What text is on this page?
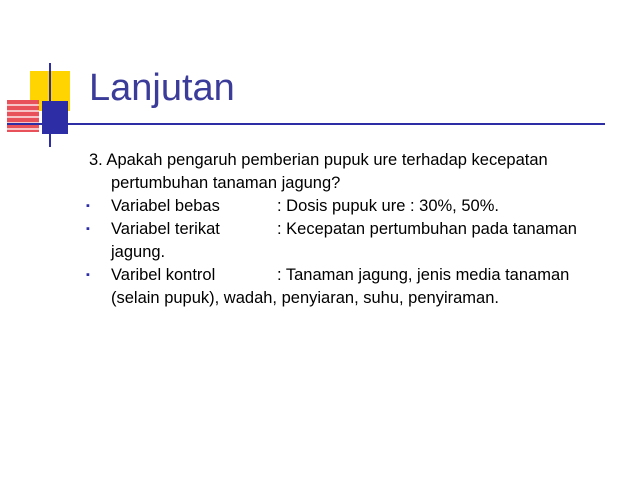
Lanjutan
3. Apakah pengaruh pemberian pupuk ure terhadap kecepatan
pertumbuhan tanaman jagung?
▪	Variabel bebas	: Dosis pupuk ure : 30%, 50%.
▪	Variabel terikat	: Kecepatan pertumbuhan pada tanaman
jagung.
▪	Varibel kontrol	: Tanaman jagung, jenis media tanaman
(selain pupuk), wadah, penyiaran, suhu, penyiraman.
